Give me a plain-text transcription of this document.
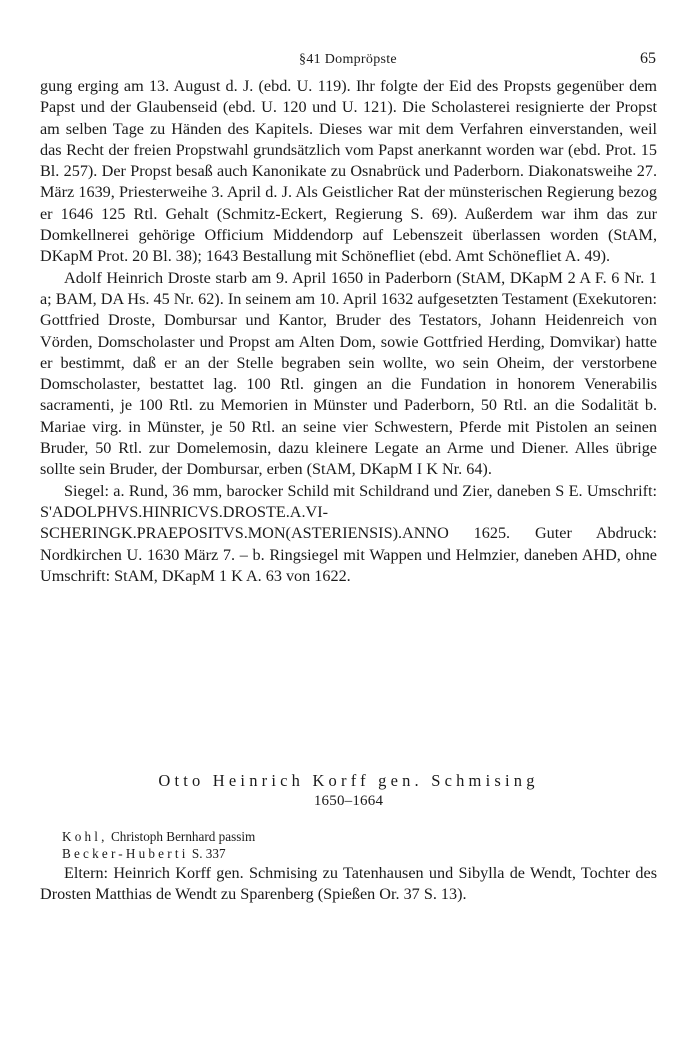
§41 Dompröpste	65

gung erging am 13. August d. J. (ebd. U. 119). Ihr folgte der Eid des Propsts gegenüber dem Papst und der Glaubenseid (ebd. U. 120 und U. 121). Die Scholasterei resignierte der Propst am selben Tage zu Händen des Kapitels. Dieses war mit dem Verfahren einverstanden, weil das Recht der freien Propstwahl grundsätzlich vom Papst anerkannt worden war (ebd. Prot. 15 Bl. 257). Der Propst besaß auch Kanonikate zu Osnabrück und Paderborn. Diakonatsweihe 27. März 1639, Priesterweihe 3. April d. J. Als Geistlicher Rat der münsterischen Regierung bezog er 1646 125 Rtl. Gehalt (Schmitz-Eckert, Regierung S. 69). Außerdem war ihm das zur Domkellnerei gehörige Officium Middendorp auf Lebenszeit überlassen worden (StAM, DKapM Prot. 20 Bl. 38); 1643 Bestallung mit Schönefliet (ebd. Amt Schönefliet A. 49).

Adolf Heinrich Droste starb am 9. April 1650 in Paderborn (StAM, DKapM 2 A F. 6 Nr. 1 a; BAM, DA Hs. 45 Nr. 62). In seinem am 10. April 1632 aufgesetzten Testament (Exekutoren: Gottfried Droste, Dombursar und Kantor, Bruder des Testators, Johann Heidenreich von Vörden, Domscholaster und Propst am Alten Dom, sowie Gottfried Herding, Domvikar) hatte er bestimmt, daß er an der Stelle begraben sein wollte, wo sein Oheim, der verstorbene Domscholaster, bestattet lag. 100 Rtl. gingen an die Fundation in honorem Venerabilis sacramenti, je 100 Rtl. zu Memorien in Münster und Paderborn, 50 Rtl. an die Sodalität b. Mariae virg. in Münster, je 50 Rtl. an seine vier Schwestern, Pferde mit Pistolen an seinen Bruder, 50 Rtl. zur Domelemosin, dazu kleinere Legate an Arme und Diener. Alles übrige sollte sein Bruder, der Dombursar, erben (StAM, DKapM I K Nr. 64).

Siegel: a. Rund, 36 mm, barocker Schild mit Schildrand und Zier, daneben S E. Umschrift: S'ADOLPHVS.HINRICVS.DROSTE.A.VI-SCHERINGK.PRAEPOSITVS.MON(ASTERIENSIS).ANNO 1625. Guter Abdruck: Nordkirchen U. 1630 März 7. – b. Ringsiegel mit Wappen und Helmzier, daneben AHD, ohne Umschrift: StAM, DKapM 1 K A. 63 von 1622.

Otto Heinrich Korff gen. Schmising
1650–1664
Kohl, Christoph Bernhard passim
Becker-Huberti S. 337

Eltern: Heinrich Korff gen. Schmising zu Tatenhausen und Sibylla de Wendt, Tochter des Drosten Matthias de Wendt zu Sparenberg (Spießen Or. 37 S. 13).
